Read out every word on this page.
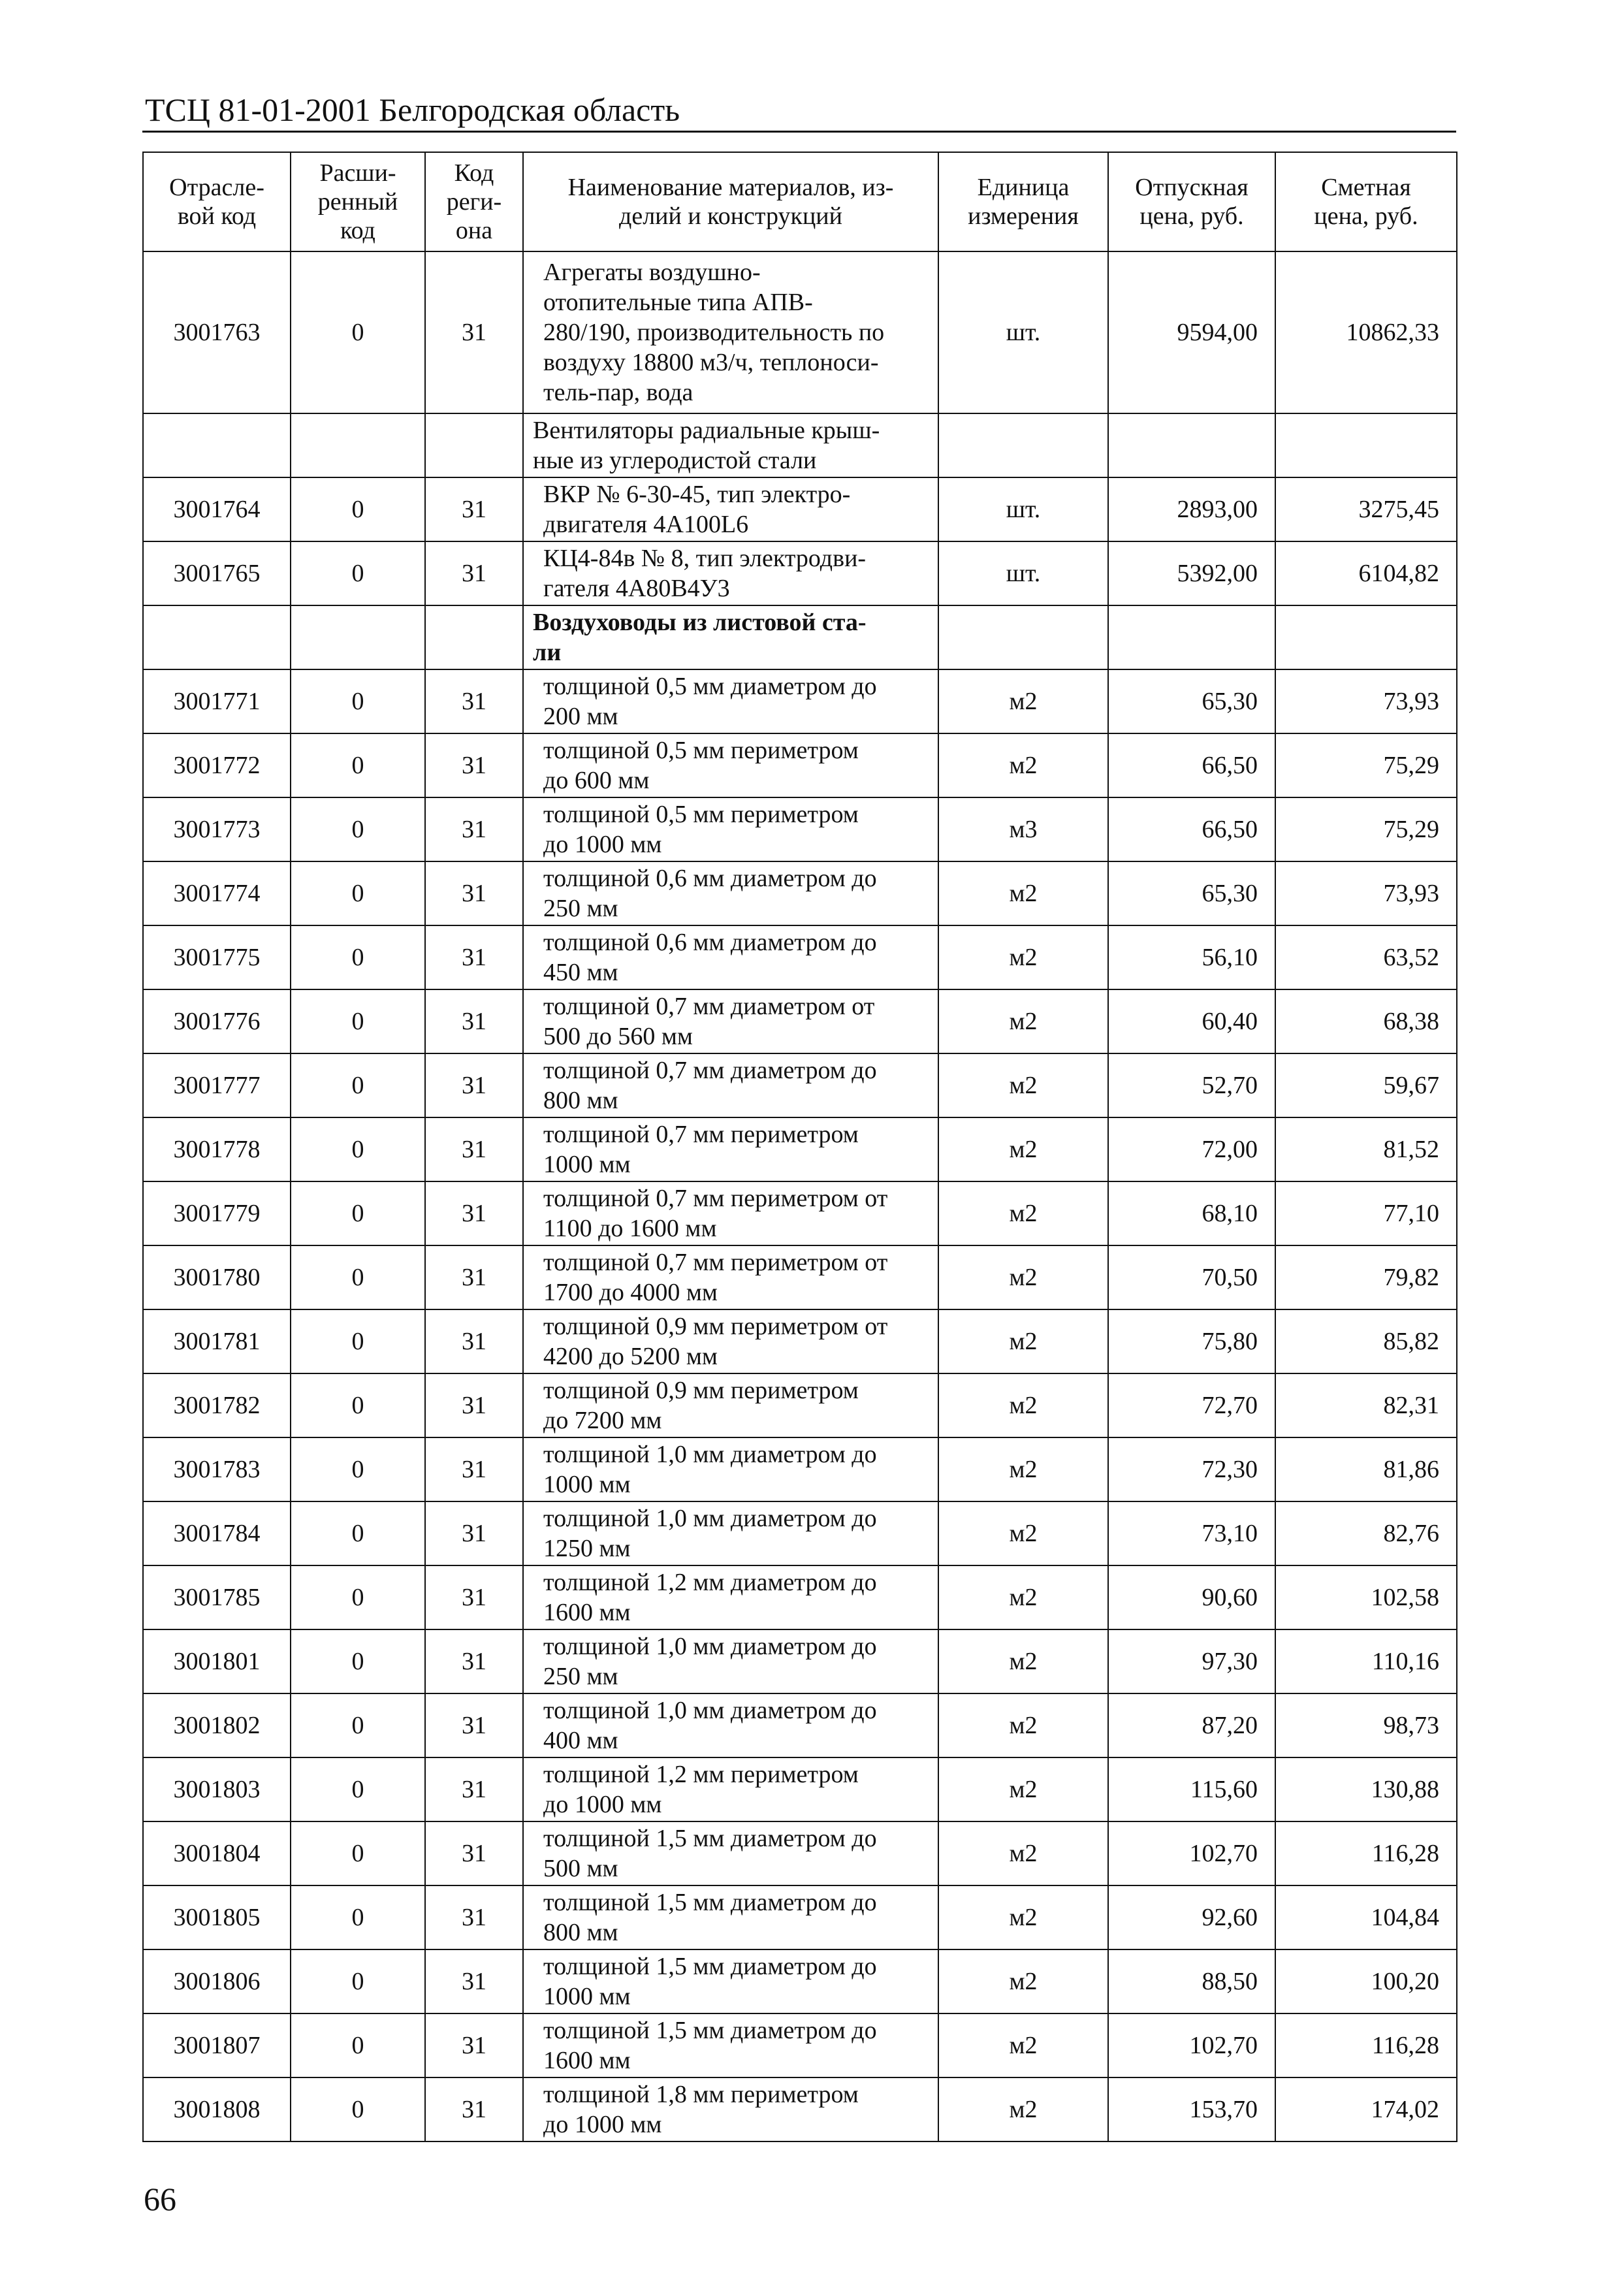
ТСЦ 81-01-2001 Белгородская область
Отрасле-
вой код	Расши-
ренный
код	Код
реги-
она	Наименование материалов, из-
делий и конструкций	Единица
измерения	Отпускная
цена, руб.	Сметная
цена, руб.
3001763	0	31	Агрегаты воздушно-
отопительные типа АПВ-
280/190, производительность по
воздуху 18800 м3/ч, теплоноси-
тель-пар, вода	шт.	9594,00	10862,33
			Вентиляторы радиальные крыш-
ные из углеродистой стали			
3001764	0	31	ВКР № 6-30-45, тип электро-
двигателя 4А100L6	шт.	2893,00	3275,45
3001765	0	31	КЦ4-84в № 8, тип электродви-
гателя 4А80В4У3	шт.	5392,00	6104,82
			Воздуховоды из листовой ста-
ли			
3001771	0	31	толщиной 0,5 мм диаметром до
200 мм	м2	65,30	73,93
3001772	0	31	толщиной 0,5 мм периметром
до 600 мм	м2	66,50	75,29
3001773	0	31	толщиной 0,5 мм периметром
до 1000 мм	м3	66,50	75,29
3001774	0	31	толщиной 0,6 мм диаметром до
250 мм	м2	65,30	73,93
3001775	0	31	толщиной 0,6 мм диаметром до
450 мм	м2	56,10	63,52
3001776	0	31	толщиной 0,7 мм диаметром от
500 до 560 мм	м2	60,40	68,38
3001777	0	31	толщиной 0,7 мм диаметром до
800 мм	м2	52,70	59,67
3001778	0	31	толщиной 0,7 мм периметром
1000 мм	м2	72,00	81,52
3001779	0	31	толщиной 0,7 мм периметром от
1100 до 1600 мм	м2	68,10	77,10
3001780	0	31	толщиной 0,7 мм периметром от
1700 до 4000 мм	м2	70,50	79,82
3001781	0	31	толщиной 0,9 мм периметром от
4200 до 5200 мм	м2	75,80	85,82
3001782	0	31	толщиной 0,9 мм периметром
до 7200 мм	м2	72,70	82,31
3001783	0	31	толщиной 1,0 мм диаметром до
1000 мм	м2	72,30	81,86
3001784	0	31	толщиной 1,0 мм диаметром до
1250 мм	м2	73,10	82,76
3001785	0	31	толщиной 1,2 мм диаметром до
1600 мм	м2	90,60	102,58
3001801	0	31	толщиной 1,0 мм диаметром до
250 мм	м2	97,30	110,16
3001802	0	31	толщиной 1,0 мм диаметром до
400 мм	м2	87,20	98,73
3001803	0	31	толщиной 1,2 мм периметром
до 1000 мм	м2	115,60	130,88
3001804	0	31	толщиной 1,5 мм диаметром до
500 мм	м2	102,70	116,28
3001805	0	31	толщиной 1,5 мм диаметром до
800 мм	м2	92,60	104,84
3001806	0	31	толщиной 1,5 мм диаметром до
1000 мм	м2	88,50	100,20
3001807	0	31	толщиной 1,5 мм диаметром до
1600 мм	м2	102,70	116,28
3001808	0	31	толщиной 1,8 мм периметром
до 1000 мм	м2	153,70	174,02
66
